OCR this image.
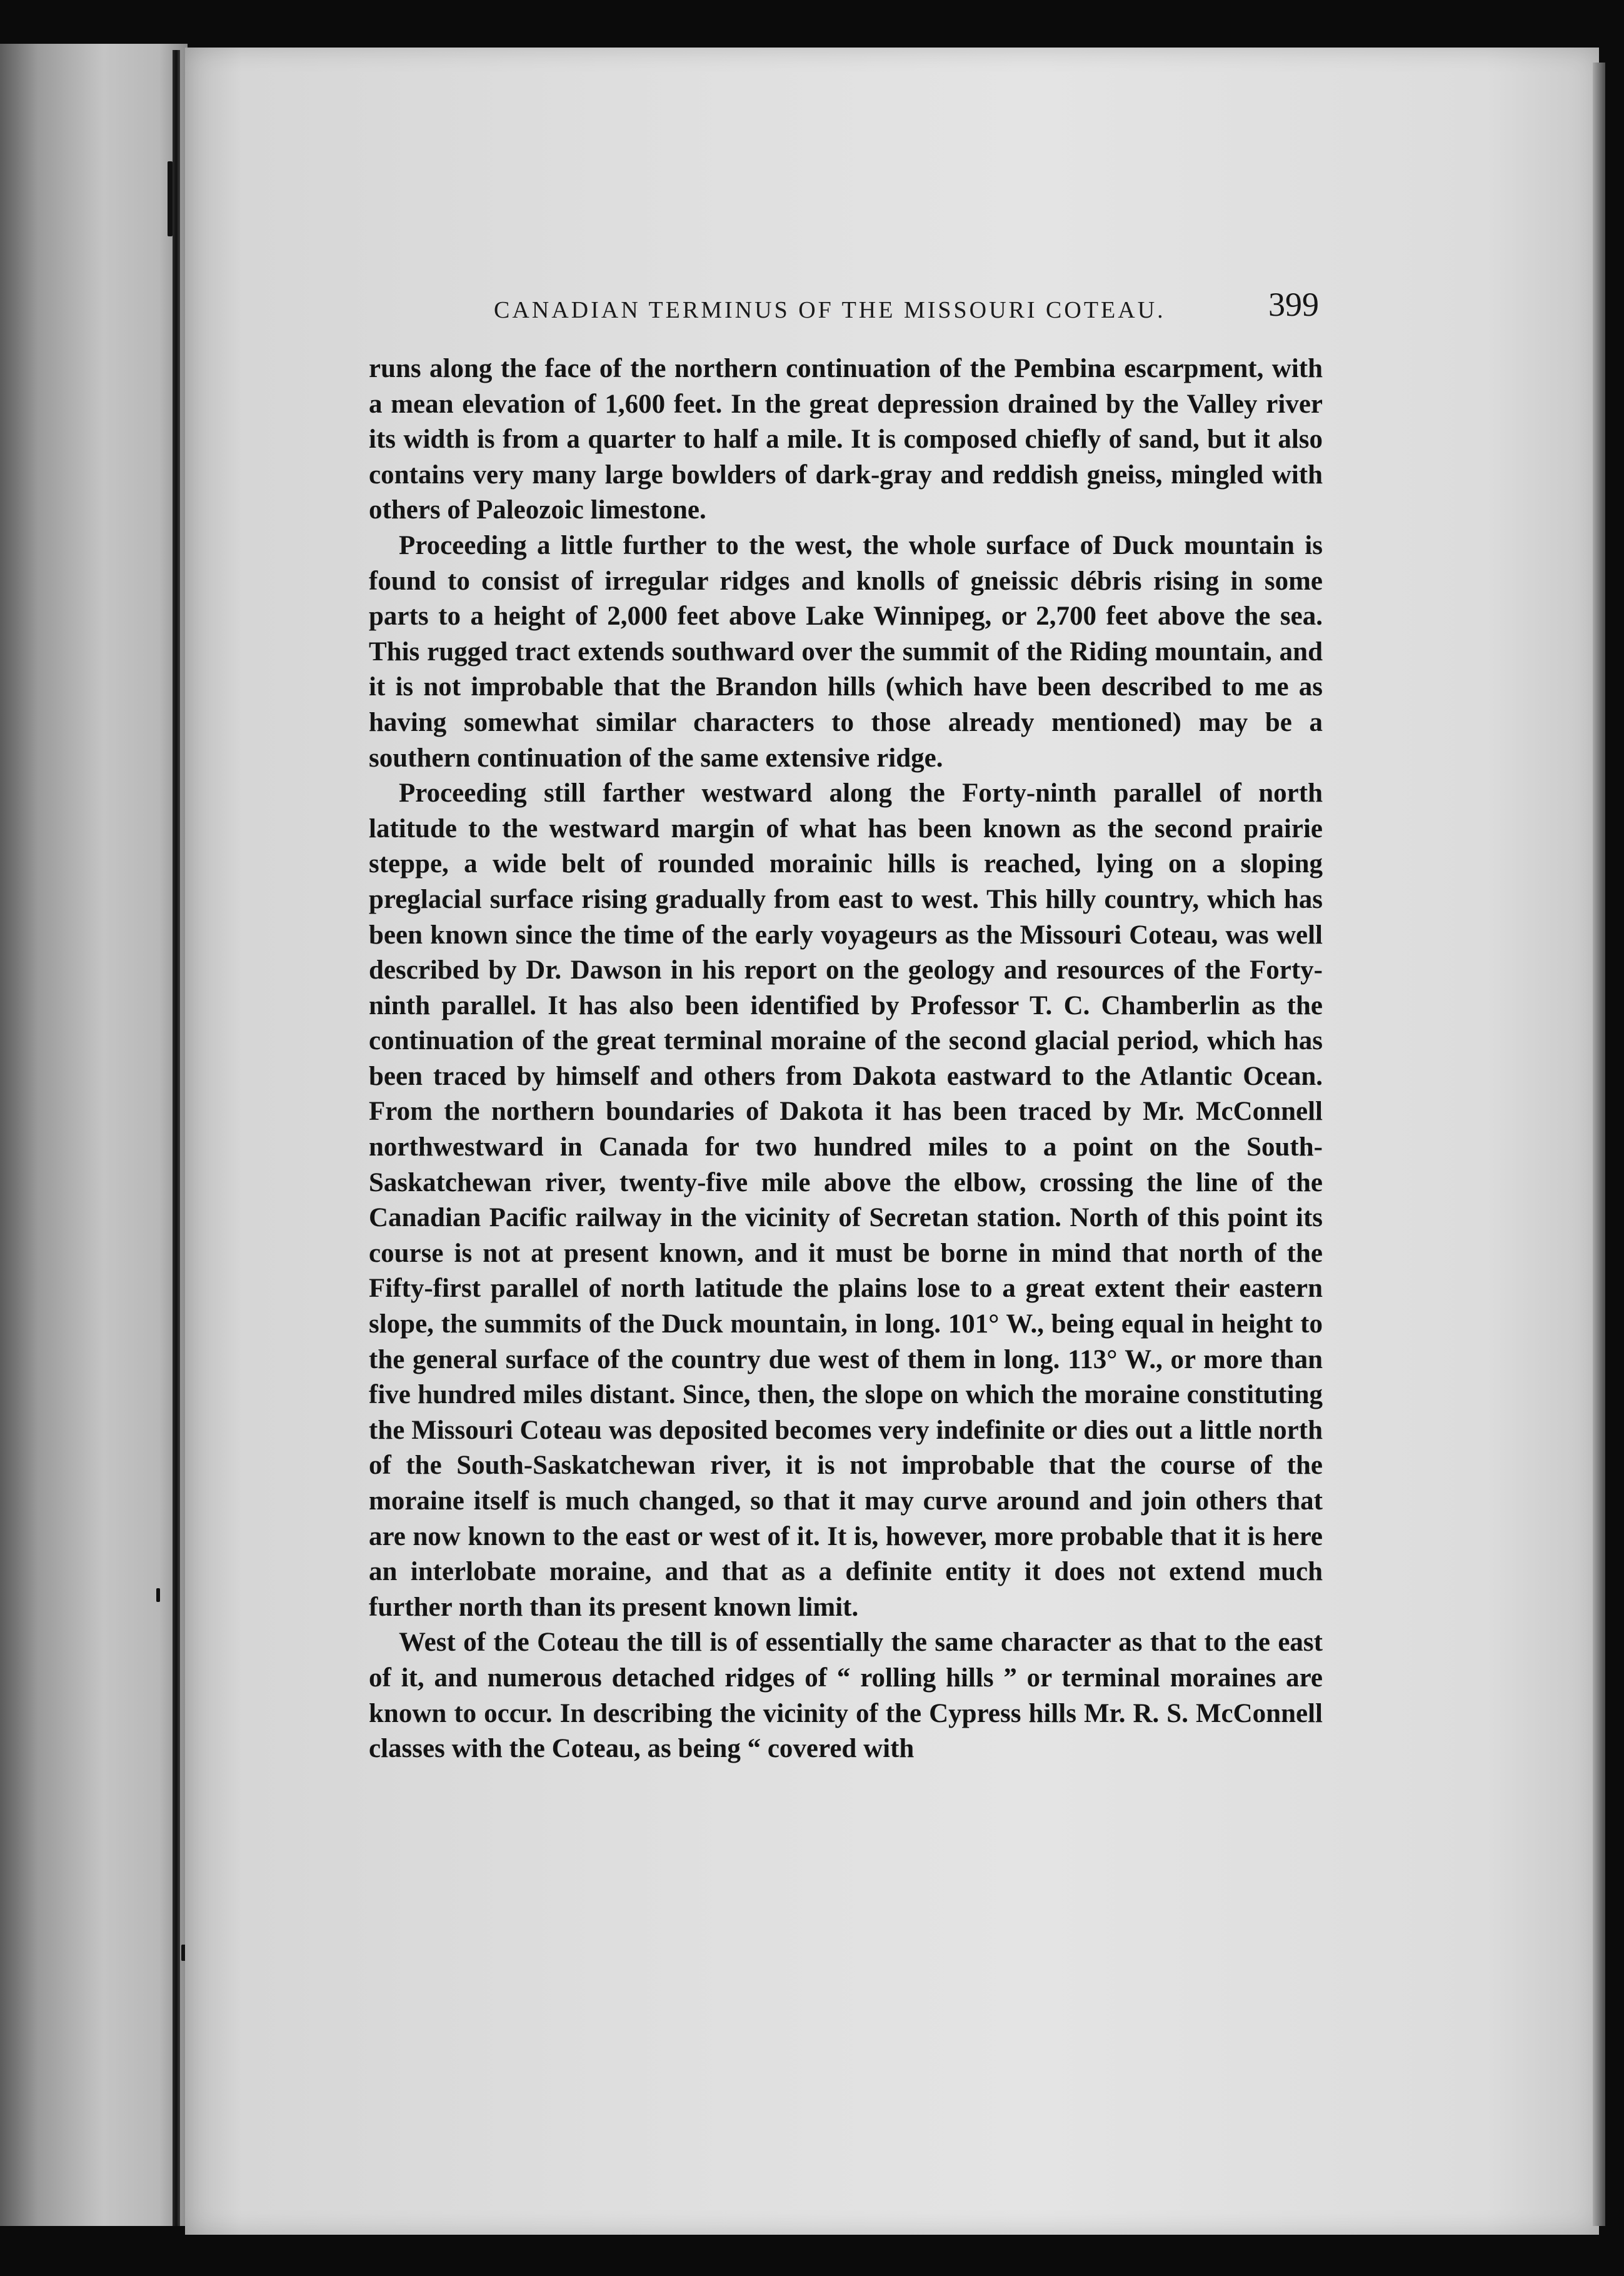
CANADIAN TERMINUS OF THE MISSOURI COTEAU.	399

runs along the face of the northern continuation of the Pembina escarpment, with a mean elevation of 1,600 feet. In the great depression drained by the Valley river its width is from a quarter to half a mile. It is composed chiefly of sand, but it also contains very many large bowlders of dark-gray and reddish gneiss, mingled with others of Paleozoic limestone.

Proceeding a little further to the west, the whole surface of Duck mountain is found to consist of irregular ridges and knolls of gneissic débris rising in some parts to a height of 2,000 feet above Lake Winnipeg, or 2,700 feet above the sea. This rugged tract extends southward over the summit of the Riding mountain, and it is not improbable that the Brandon hills (which have been described to me as having somewhat similar characters to those already mentioned) may be a southern continuation of the same extensive ridge.

Proceeding still farther westward along the Forty-ninth parallel of north latitude to the westward margin of what has been known as the second prairie steppe, a wide belt of rounded morainic hills is reached, lying on a sloping preglacial surface rising gradually from east to west. This hilly country, which has been known since the time of the early voyageurs as the Missouri Coteau, was well described by Dr. Dawson in his report on the geology and resources of the Forty-ninth parallel. It has also been identified by Professor T. C. Chamberlin as the continuation of the great terminal moraine of the second glacial period, which has been traced by himself and others from Dakota eastward to the Atlantic Ocean. From the northern boundaries of Dakota it has been traced by Mr. McConnell northwestward in Canada for two hundred miles to a point on the South-Saskatchewan river, twenty-five mile above the elbow, crossing the line of the Canadian Pacific railway in the vicinity of Secretan station. North of this point its course is not at present known, and it must be borne in mind that north of the Fifty-first parallel of north latitude the plains lose to a great extent their eastern slope, the summits of the Duck mountain, in long. 101° W., being equal in height to the general surface of the country due west of them in long. 113° W., or more than five hundred miles distant. Since, then, the slope on which the moraine constituting the Missouri Coteau was deposited becomes very indefinite or dies out a little north of the South-Saskatchewan river, it is not improbable that the course of the moraine itself is much changed, so that it may curve around and join others that are now known to the east or west of it. It is, however, more probable that it is here an interlobate moraine, and that as a definite entity it does not extend much further north than its present known limit.

West of the Coteau the till is of essentially the same character as that to the east of it, and numerous detached ridges of “ rolling hills ” or terminal moraines are known to occur. In describing the vicinity of the Cypress hills Mr. R. S. McConnell classes with the Coteau, as being “ covered with
